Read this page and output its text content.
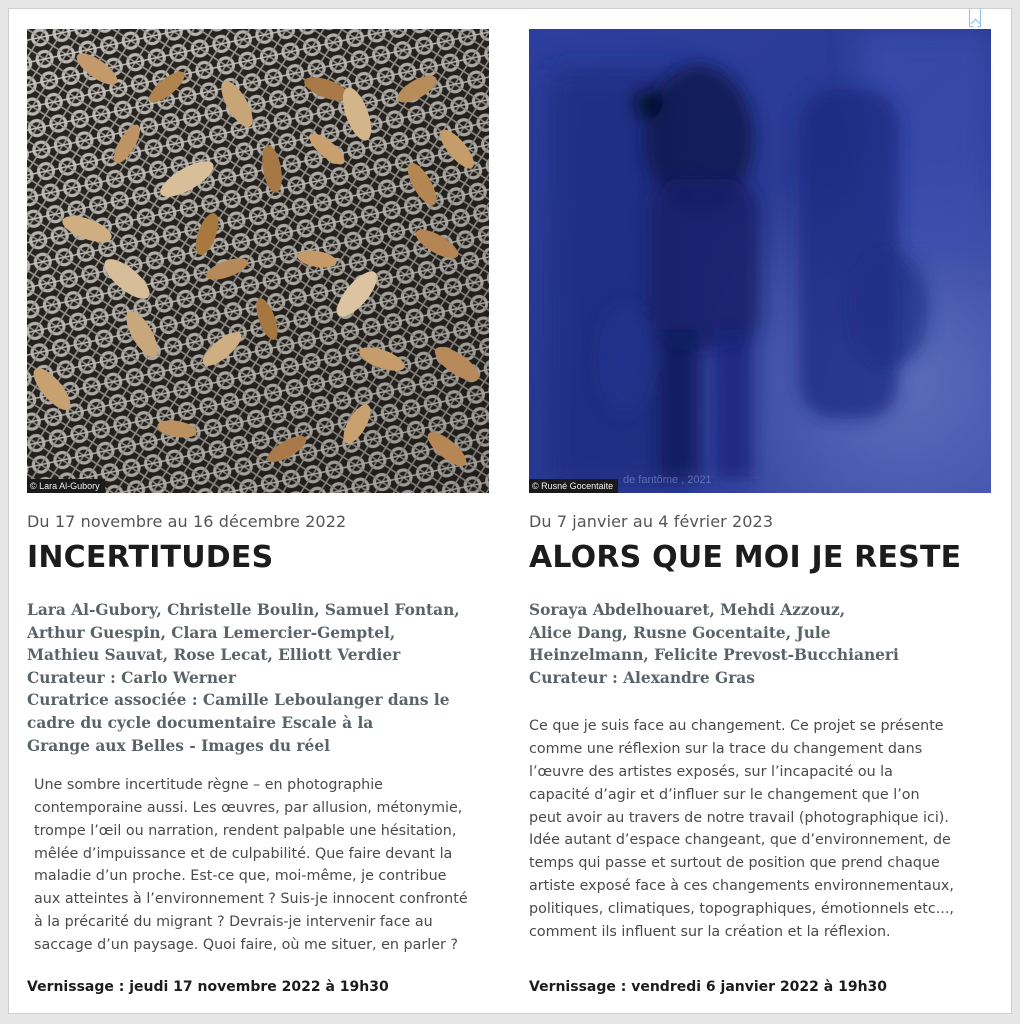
© Lara Al-Gubory
Du 17 novembre au 16 décembre 2022
INCERTITUDES
Lara Al-Gubory, Christelle Boulin, Samuel Fontan,
Arthur Guespin, Clara Lemercier-Gemptel,
Mathieu Sauvat, Rose Lecat, Elliott Verdier
Curateur : Carlo Werner
Curatrice associée : Camille Leboulanger dans le
cadre du cycle documentaire Escale à la
Grange aux Belles - Images du réel
Une sombre incertitude règne – en photographie
contemporaine aussi. Les œuvres, par allusion, métonymie,
trompe l’œil ou narration, rendent palpable une hésitation,
mêlée d’impuissance et de culpabilité. Que faire devant la
maladie d’un proche. Est-ce que, moi-même, je contribue
aux atteintes à l’environnement ? Suis-je innocent confronté
à la précarité du migrant ? Devrais-je intervenir face au
saccage d’un paysage. Quoi faire, où me situer, en parler ?
Vernissage : jeudi 17 novembre 2022 à 19h30
de fantôme , 2021
© Rusné Gocentaite
Du 7 janvier au 4 février 2023
ALORS QUE MOI JE RESTE
Soraya Abdelhouaret, Mehdi Azzouz,
Alice Dang, Rusne Gocentaite, Jule
Heinzelmann, Felicite Prevost-Bucchianeri
Curateur : Alexandre Gras
Ce que je suis face au changement. Ce projet se présente
comme une réflexion sur la trace du changement dans
l’œuvre des artistes exposés, sur l’incapacité ou la
capacité d’agir et d’influer sur le changement que l’on
peut avoir au travers de notre travail (photographique ici).
Idée autant d’espace changeant, que d’environnement, de
temps qui passe et surtout de position que prend chaque
artiste exposé face à ces changements environnementaux,
politiques, climatiques, topographiques, émotionnels etc...,
comment ils influent sur la création et la réflexion.
Vernissage : vendredi 6 janvier 2022 à 19h30
